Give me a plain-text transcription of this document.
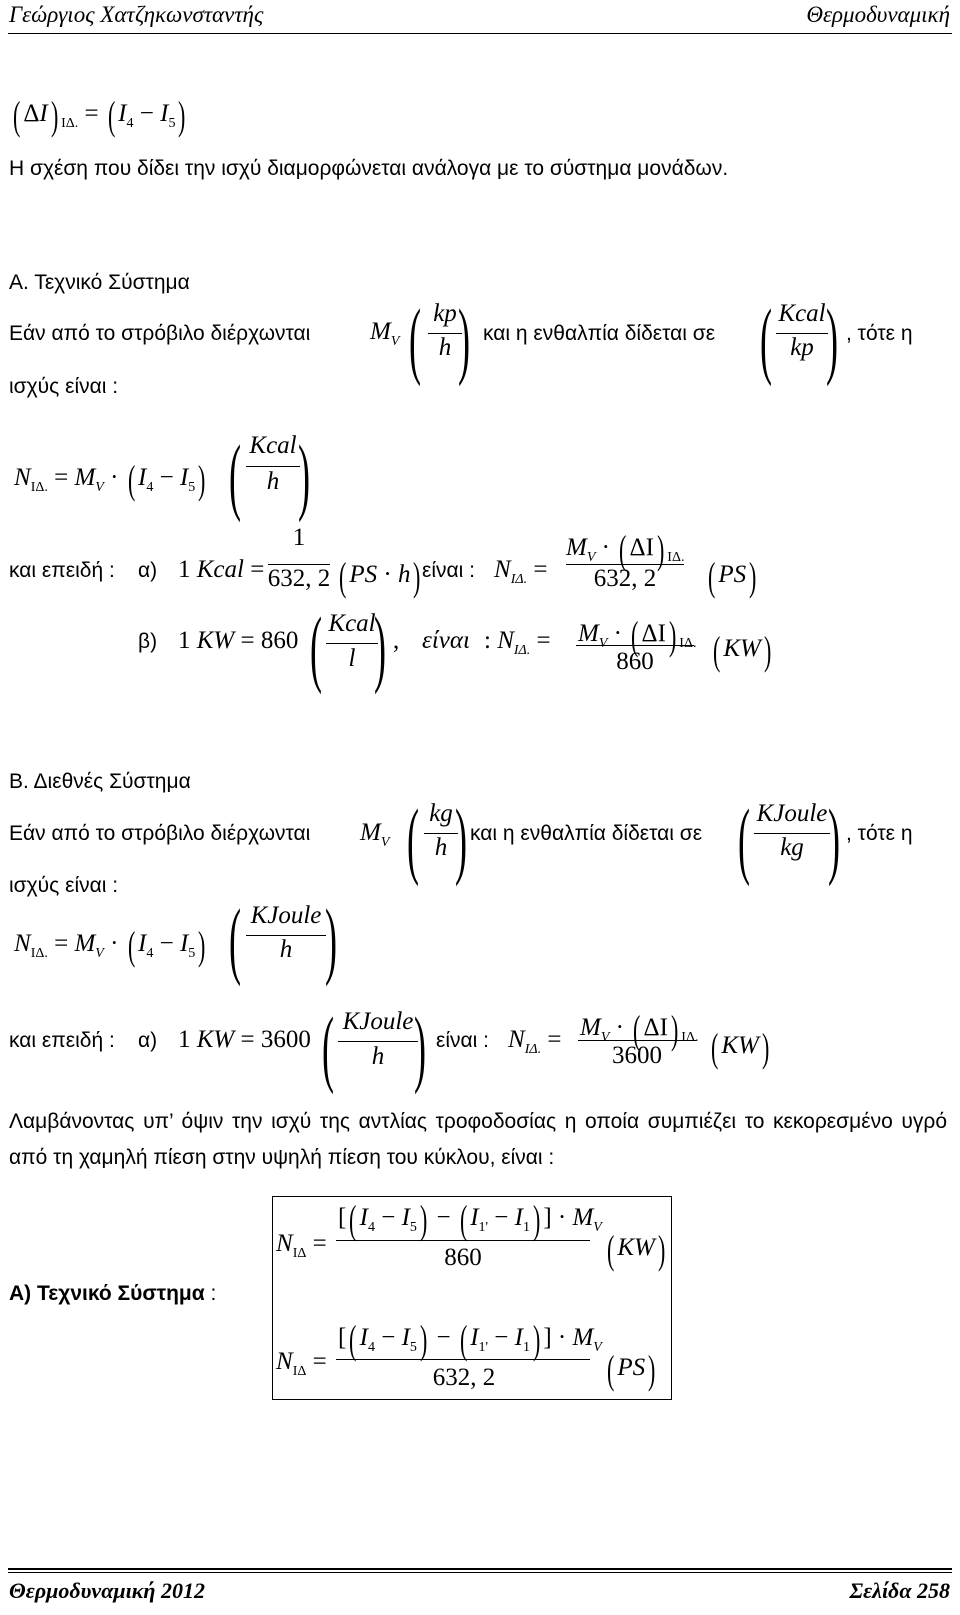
Γεώργιος Χατζηκωνσταντής	Θερμοδυναμική
( ΔI) $_{I\Delta.}$ = ( $I_4 - I_5$)
Η σχέση που δίδει την ισχύ διαμορφώνεται ανάλογα με το σύστημα μονάδων.
Α. Τεχνικό Σύστημα
Εάν από το στρόβιλο διέρχωνται $M_V$ ( kp
h ) και η ενθαλπία δίδεται σε ( Kcal
kp ) , τότε η
ισχύς είναι :
$N_{I\Delta.} = M_V$ · ( $I_4 - I_5$) ( Kcal
h )
και επειδή : α) 1 Kcal =
1
632, 2 ( PS · h) είναι : $N_{I\Delta.}$ =
$M_V$ · ( ΔΙ) $_{I\Delta.}$
632, 2 ( PS)
β) 1 KW = 860 ( Kcal
l ) , είναι : $N_{I\Delta.} = M_V$ · ( ΔΙ) $_{I\Delta.}$
860	( KW)
Β. Διεθνές Σύστημα
Εάν από το στρόβιλο διέρχωνται $M_V$ ( kg
h ) και η ενθαλπία δίδεται σε ( KJoule
kg ) , τότε η
ισχύς είναι :
$N_{I\Delta.} = M_V$ · ( $I_4 - I_5$) ( KJoule
h )
και επειδή : α) 1 KW = 3600 ( KJoule
h ) είναι : $N_{I\Delta.} = M_V$ · ( ΔΙ) $_{I\Delta.}$
3600	( KW)
Λαμβάνοντας υπ’ όψιν την ισχύ της αντλίας τροφοδοσίας η οποία συμπιέζει το κεκορεσμένο υγρό από τη χαμηλή πίεση στην υψηλή πίεση του κύκλου, είναι :
Α) Τεχνικό Σύστημα :
$N_{I\Delta}$ =
[( $I_4 - I_5$) − ( $I_{1'} - I_1$) ] · $M_V$
860	( KW)
$N_{I\Delta}$ =
[( $I_4 - I_5$) − ( $I_{1'} - I_1$) ] · $M_V$
632, 2	( PS)
Θερμοδυναμική 2012	Σελίδα 258
